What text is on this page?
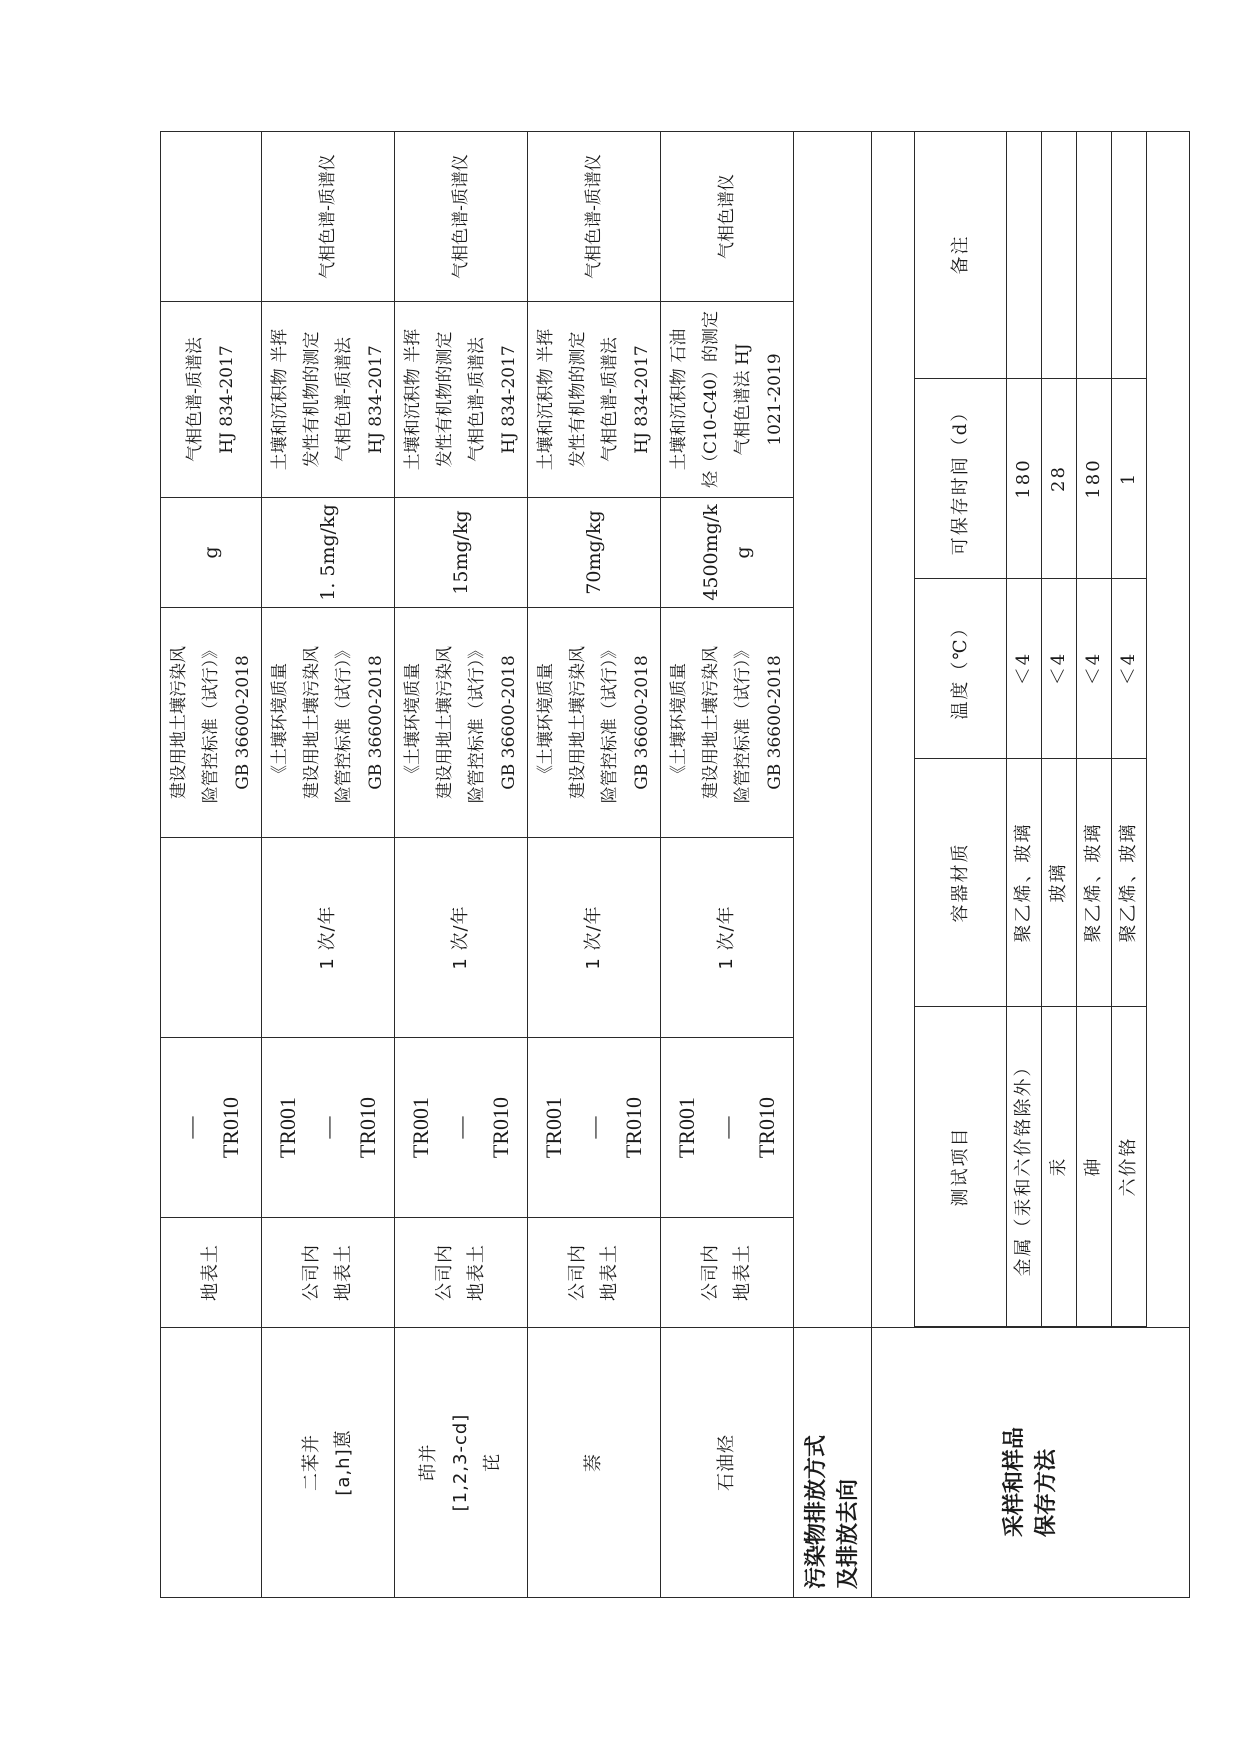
	地表土	—
TR010		建设用地土壤污染风
险管控标准（试行）》
GB 36600-2018	g	气相色谱-质谱法
HJ 834-2017	
二苯并
[a,h]蒽	公司内
地表土	TR001
—
TR010	1 次/年	《土壤环境质量
建设用地土壤污染风
险管控标准（试行）》
GB 36600-2018	1. 5mg/kg	土壤和沉积物 半挥
发性有机物的测定
气相色谱-质谱法
HJ 834-2017	气相色谱-质谱仪
茚并
[1,2,3-cd]
芘	公司内
地表土	TR001
—
TR010	1 次/年	《土壤环境质量
建设用地土壤污染风
险管控标准（试行）》
GB 36600-2018	15mg/kg	土壤和沉积物 半挥
发性有机物的测定
气相色谱-质谱法
HJ 834-2017	气相色谱-质谱仪
萘	公司内
地表土	TR001
—
TR010	1 次/年	《土壤环境质量
建设用地土壤污染风
险管控标准（试行）》
GB 36600-2018	70mg/kg	土壤和沉积物 半挥
发性有机物的测定
气相色谱-质谱法
HJ 834-2017	气相色谱-质谱仪
石油烃	公司内
地表土	TR001
—
TR010	1 次/年	《土壤环境质量
建设用地土壤污染风
险管控标准（试行）》
GB 36600-2018	4500mg/k
g	土壤和沉积物 石油
烃（C10-C40）的测定
气相色谱法 HJ
1021-2019	气相色谱仪
污染物排放方式
及排放去向	
采样和样品
保存方法	

测试项目	容器材质	温度（℃）	可保存时间（d）	备注
金属（汞和六价铬除外）	聚乙烯、玻璃	＜4	180	
汞	玻璃	＜4	28	
砷	聚乙烯、玻璃	＜4	180	
六价铬	聚乙烯、玻璃	＜4	1	
